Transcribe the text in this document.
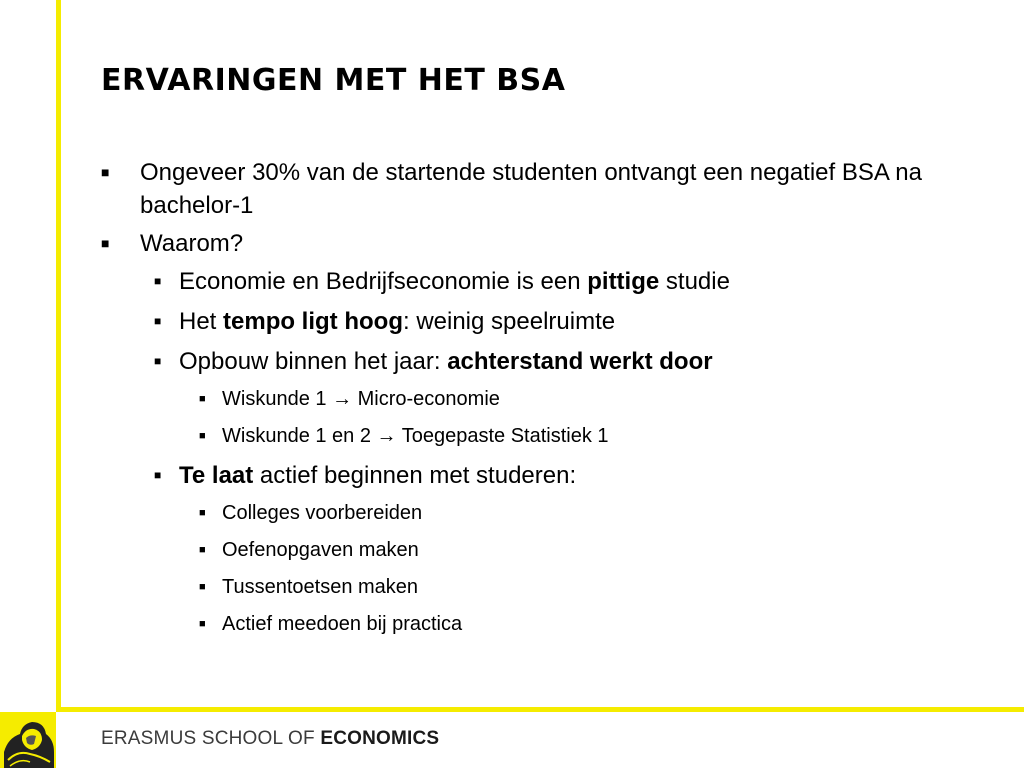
ERVARINGEN MET HET BSA
■ Ongeveer 30% van de startende studenten ontvangt een negatief BSA na bachelor-1
■ Waarom?
■ Economie en Bedrijfseconomie is een pittige studie
■ Het tempo ligt hoog: weinig speelruimte
■ Opbouw binnen het jaar: achterstand werkt door
■ Wiskunde 1 → Micro-economie
■ Wiskunde 1 en 2 → Toegepaste Statistiek 1
■ Te laat actief beginnen met studeren:
■ Colleges voorbereiden
■ Oefenopgaven maken
■ Tussentoetsen maken
■ Actief meedoen bij practica
ERASMUS SCHOOL OF ECONOMICS
